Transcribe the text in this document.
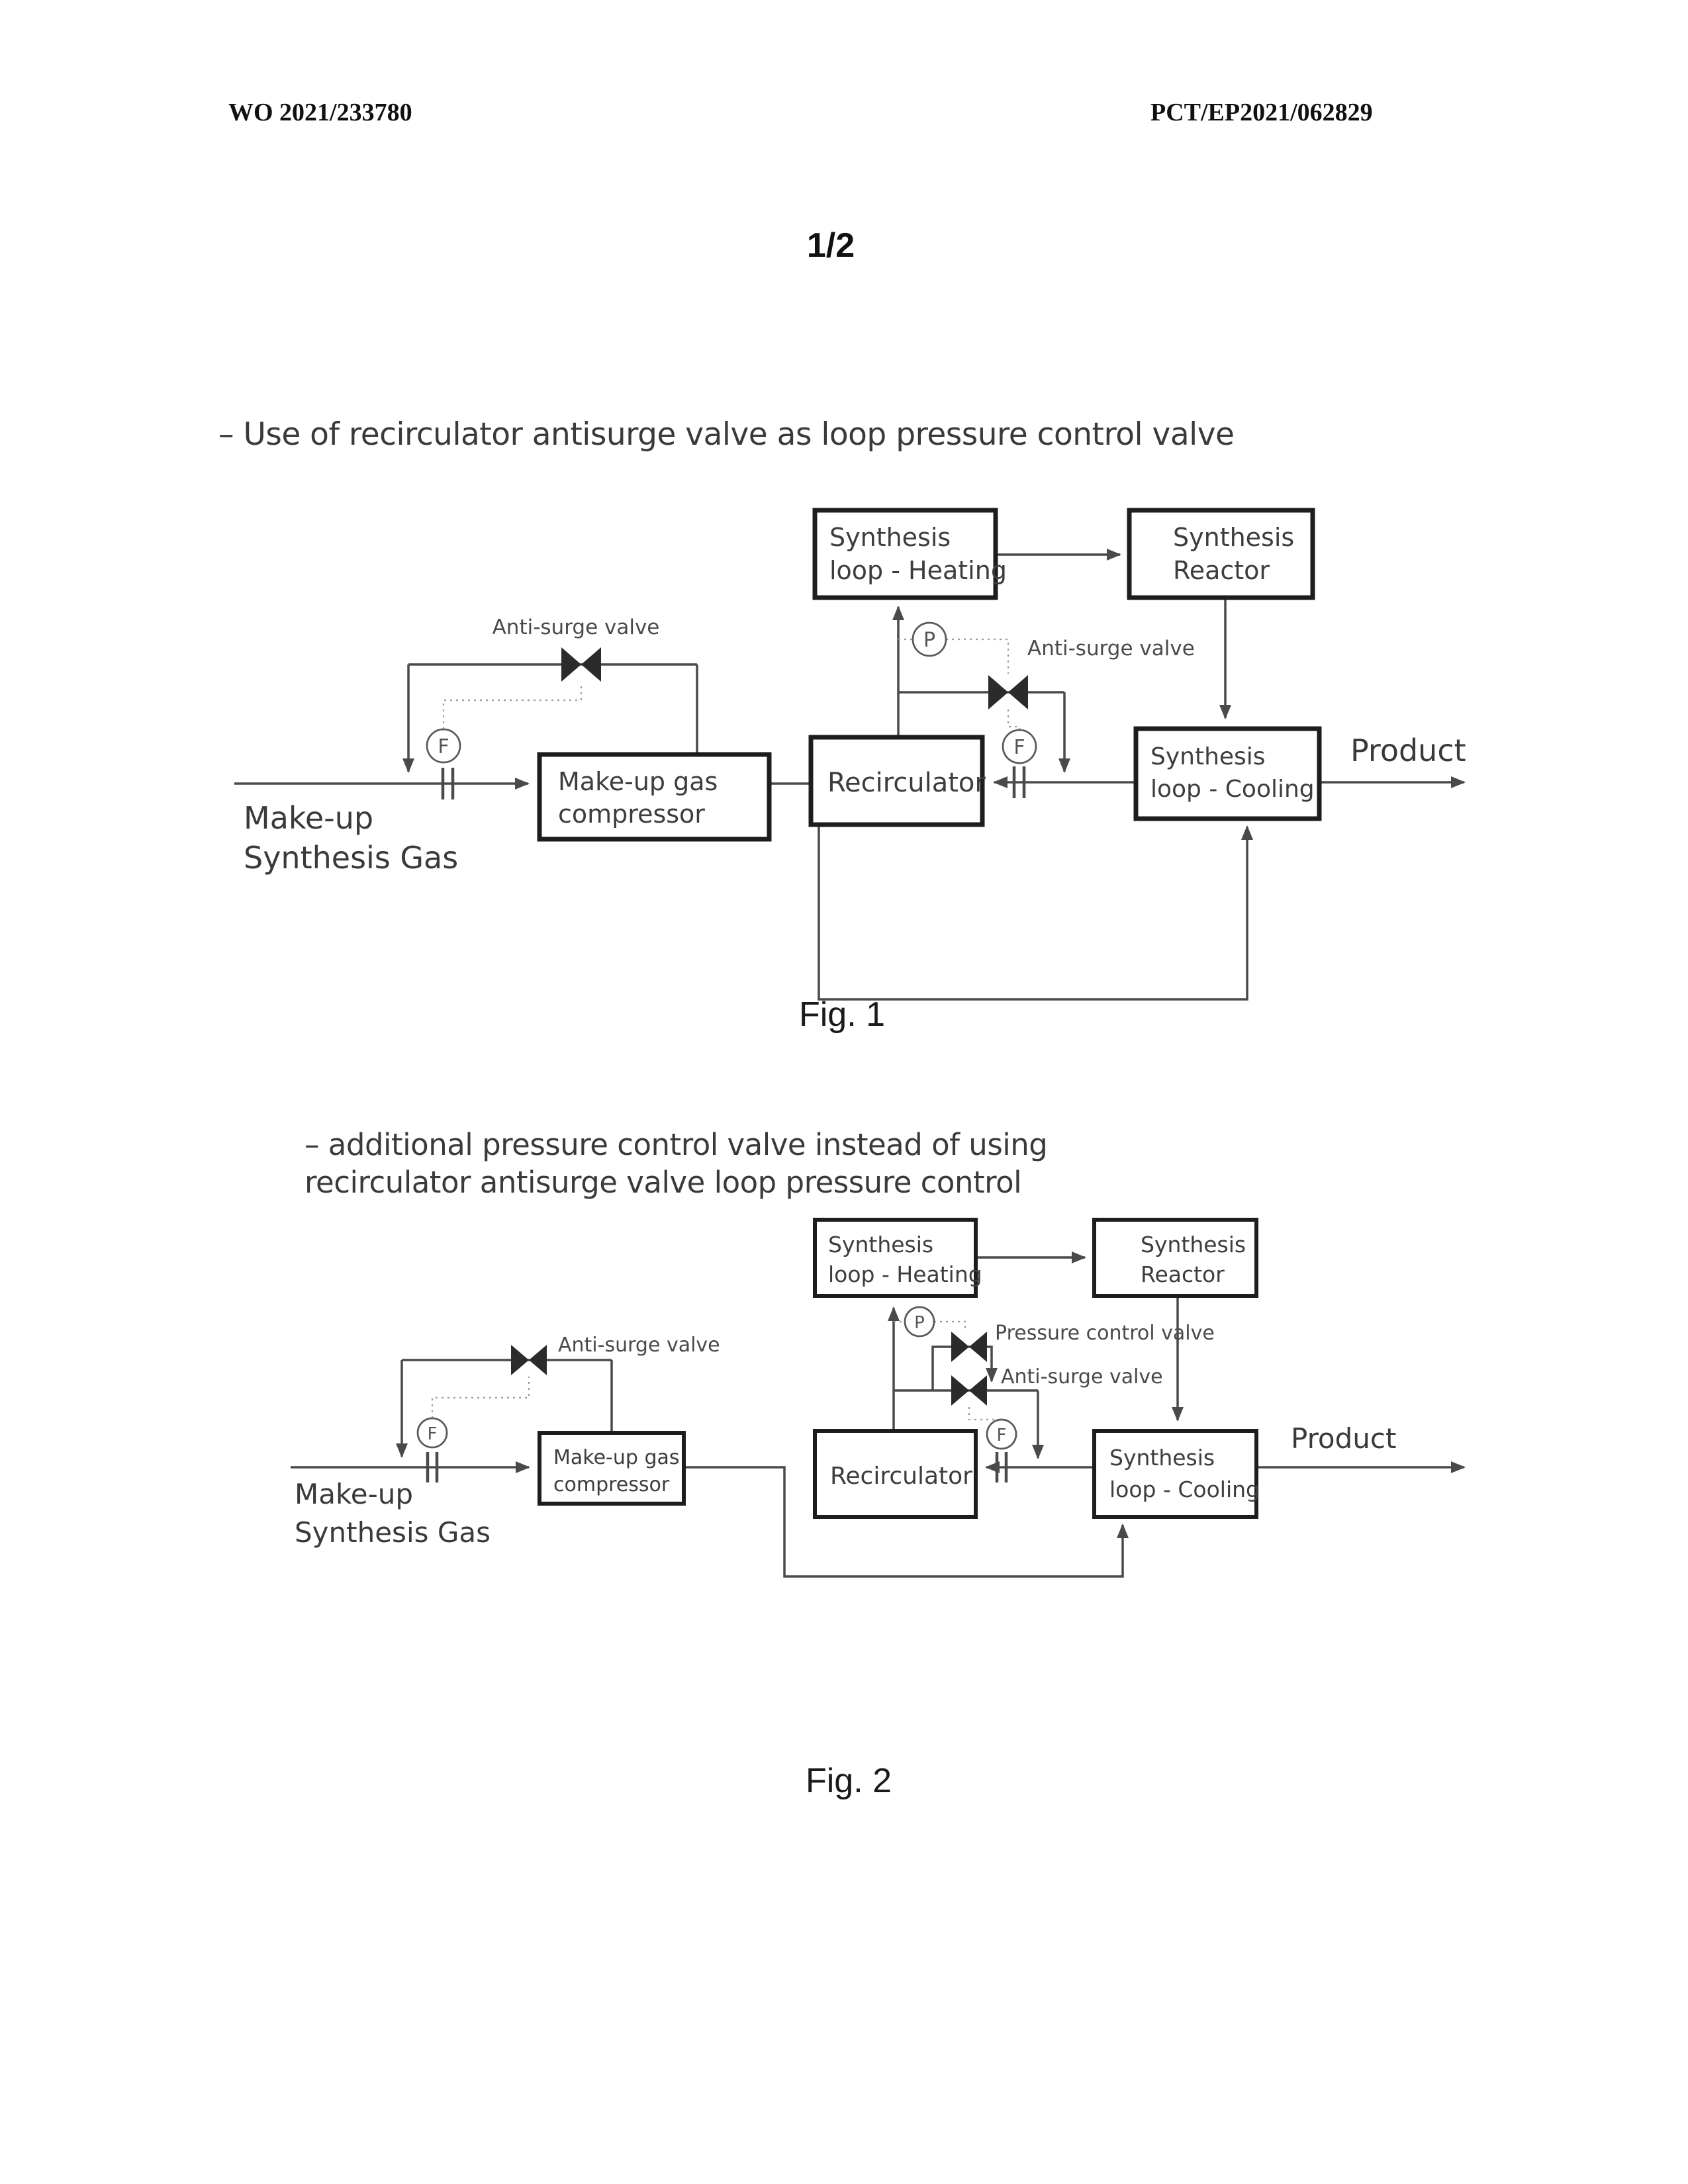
WO 2021/233780	PCT/EP2021/062829
1/2
– Use of recirculator antisurge valve as loop pressure control valve
F
P
F
Synthesis
loop - Heating
Synthesis
Reactor
Make-up gas
compressor
Recirculator
Synthesis
loop - Cooling
Anti-surge valve
Anti-surge valve
Make-up
Synthesis Gas
Product
Fig. 1
– additional pressure control valve instead of using
recirculator antisurge valve loop pressure control
F
P
F
Synthesis
loop - Heating
Synthesis
Reactor
Make-up gas
compressor	Recirculator
Synthesis
loop - Cooling
Anti-surge valve
Pressure control valve
Anti-surge valve
Make-up
Synthesis Gas
Product
Fig. 2
